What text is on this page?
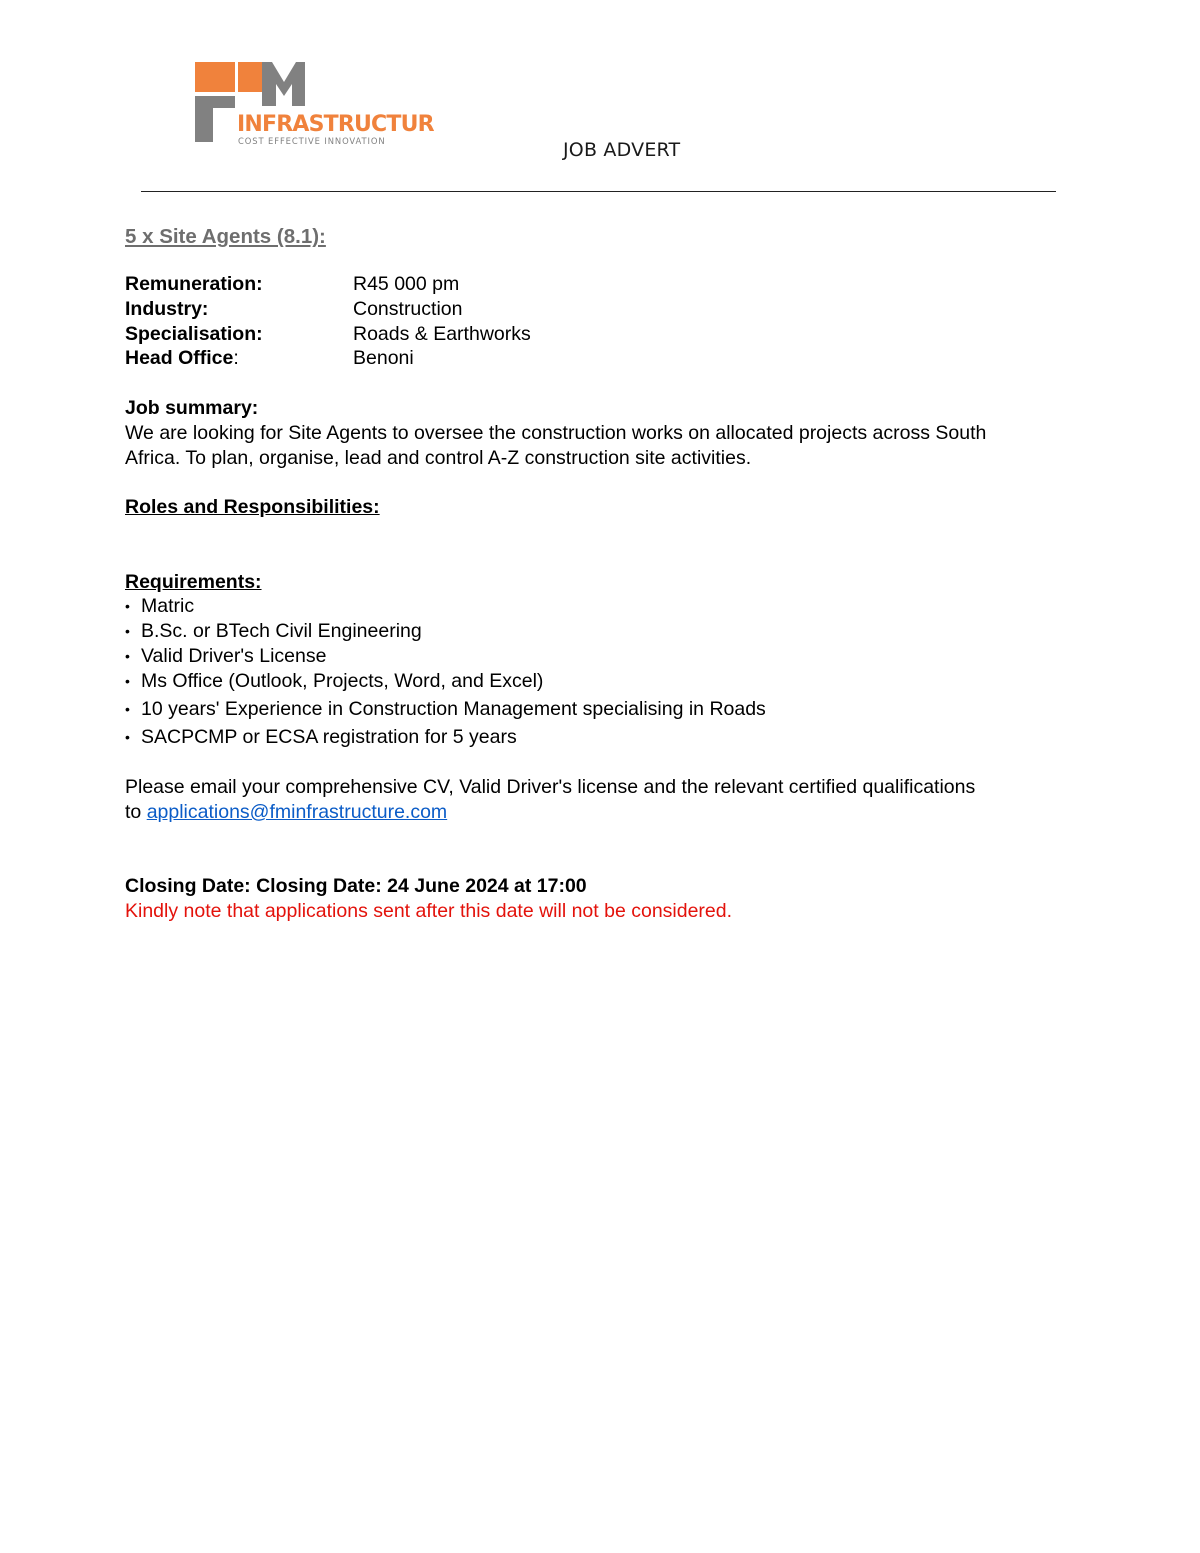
INFRASTRUCTURE
COST EFFECTIVE INNOVATION	JOB ADVERT
5 x Site Agents (8.1):
Remuneration:	R45 000 pm
Industry:	Construction
Specialisation:	Roads & Earthworks
Head Office:	Benoni
Job summary:
We are looking for Site Agents to oversee the construction works on allocated projects across South
Africa. To plan, organise, lead and control A-Z construction site activities.
Roles and Responsibilities:
Requirements:
• Matric
• B.Sc. or BTech Civil Engineering
• Valid Driver's License
• Ms Office (Outlook, Projects, Word, and Excel)
• 10 years' Experience in Construction Management specialising in Roads
• SACPCMP or ECSA registration for 5 years
Please email your comprehensive CV, Valid Driver's license and the relevant certified qualifications
to applications@fminfrastructure.com
Closing Date: Closing Date: 24 June 2024 at 17:00
Kindly note that applications sent after this date will not be considered.
